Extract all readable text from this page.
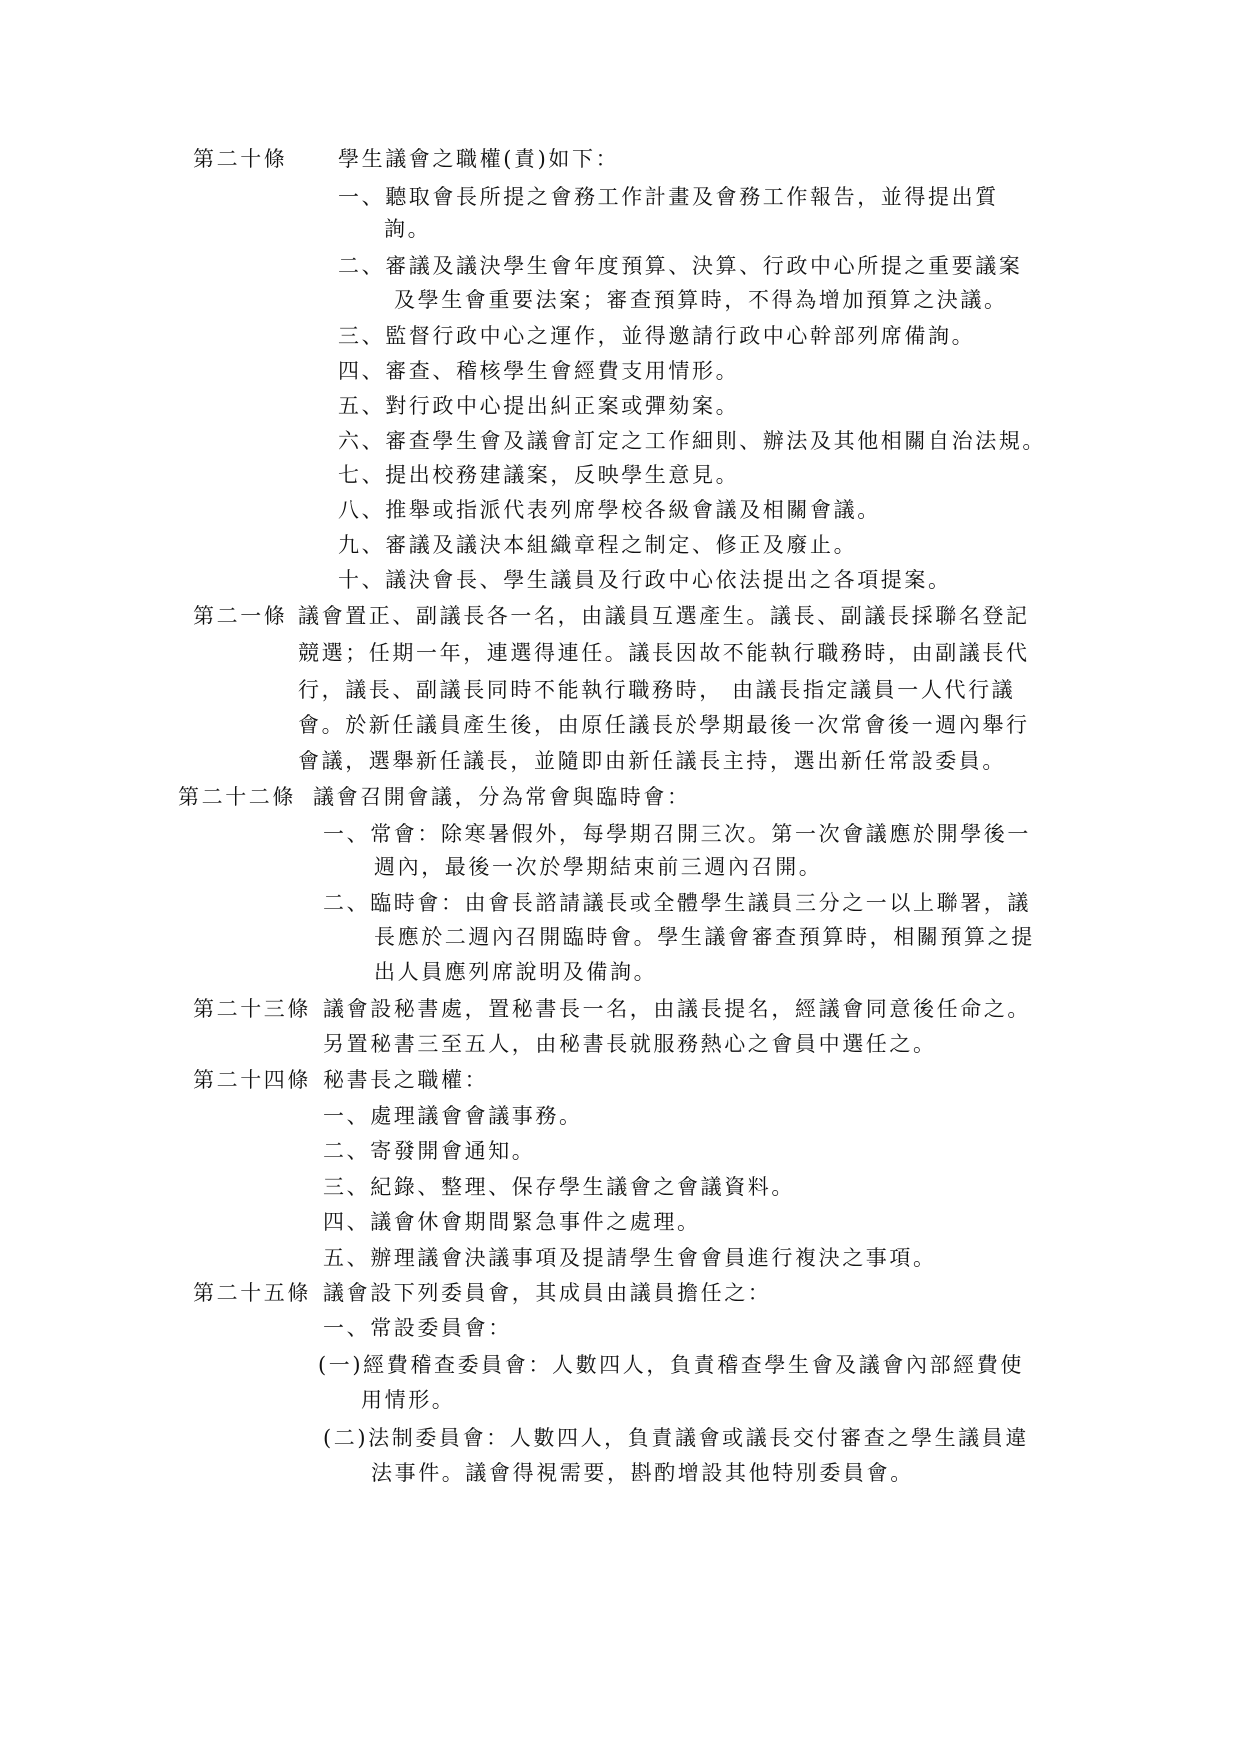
第二十條 學生議會之職權(責)如下：
一、聽取會長所提之會務工作計畫及會務工作報告，並得提出質
詢。
二、審議及議決學生會年度預算、決算、行政中心所提之重要議案
及學生會重要法案；審查預算時，不得為增加預算之決議。
三、監督行政中心之運作，並得邀請行政中心幹部列席備詢。
四、審查、稽核學生會經費支用情形。
五、對行政中心提出糾正案或彈劾案。
六、審查學生會及議會訂定之工作細則、辦法及其他相關自治法規。
七、提出校務建議案，反映學生意見。
八、推舉或指派代表列席學校各級會議及相關會議。
九、審議及議決本組織章程之制定、修正及廢止。
十、議決會長、學生議員及行政中心依法提出之各項提案。
第二一條 議會置正、副議長各一名，由議員互選產生。議長、副議長採聯名登記
競選；任期一年，連選得連任。議長因故不能執行職務時，由副議長代
行，議長、副議長同時不能執行職務時， 由議長指定議員一人代行議
會。於新任議員產生後，由原任議長於學期最後一次常會後一週內舉行
會議，選舉新任議長，並隨即由新任議長主持，選出新任常設委員。
第二十二條 議會召開會議，分為常會與臨時會：
一、常會：除寒暑假外，每學期召開三次。第一次會議應於開學後一
週內，最後一次於學期結束前三週內召開。
二、臨時會：由會長諮請議長或全體學生議員三分之一以上聯署，議
長應於二週內召開臨時會。學生議會審查預算時，相關預算之提
出人員應列席說明及備詢。
第二十三條 議會設秘書處，置秘書長一名，由議長提名，經議會同意後任命之。
另置秘書三至五人，由秘書長就服務熱心之會員中選任之。
第二十四條 秘書長之職權：
一、處理議會會議事務。
二、寄發開會通知。
三、紀錄、整理、保存學生議會之會議資料。
四、議會休會期間緊急事件之處理。
五、辦理議會決議事項及提請學生會會員進行複決之事項。
第二十五條 議會設下列委員會，其成員由議員擔任之：
一、常設委員會：
(一)經費稽查委員會：人數四人，負責稽查學生會及議會內部經費使
用情形。
(二)法制委員會：人數四人，負責議會或議長交付審查之學生議員違
法事件。議會得視需要，斟酌增設其他特別委員會。
